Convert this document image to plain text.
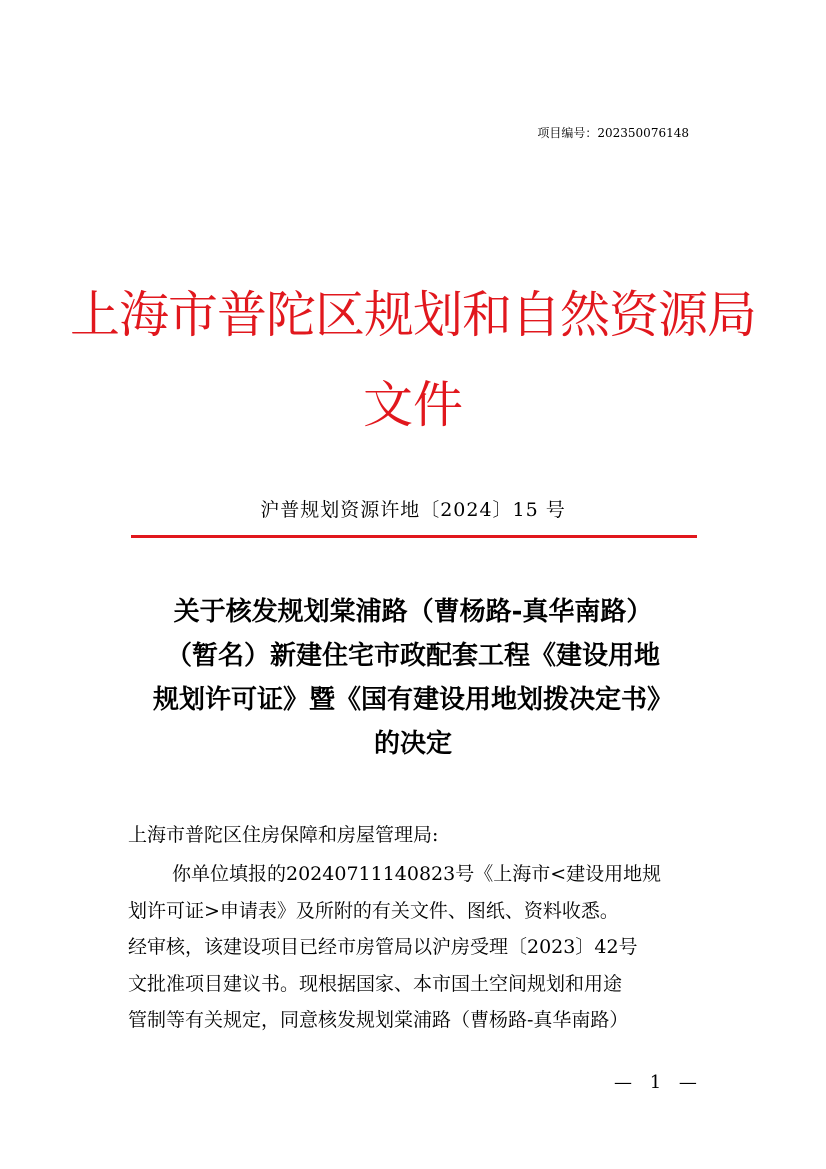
项目编号：202350076148
上海市普陀区规划和自然资源局
文件
沪普规划资源许地〔2024〕15 号
关于核发规划棠浦路（曹杨路-真华南路）
（暂名）新建住宅市政配套工程《建设用地
规划许可证》暨《国有建设用地划拨决定书》
的决定
上海市普陀区住房保障和房屋管理局:
你单位填报的20240711140823号《上海市<建设用地规
划许可证>申请表》及所附的有关文件、图纸、资料收悉。
经审核，该建设项目已经市房管局以沪房受理〔2023〕42号
文批准项目建议书。现根据国家、本市国土空间规划和用途
管制等有关规定，同意核发规划棠浦路（曹杨路-真华南路）
— 1 —
